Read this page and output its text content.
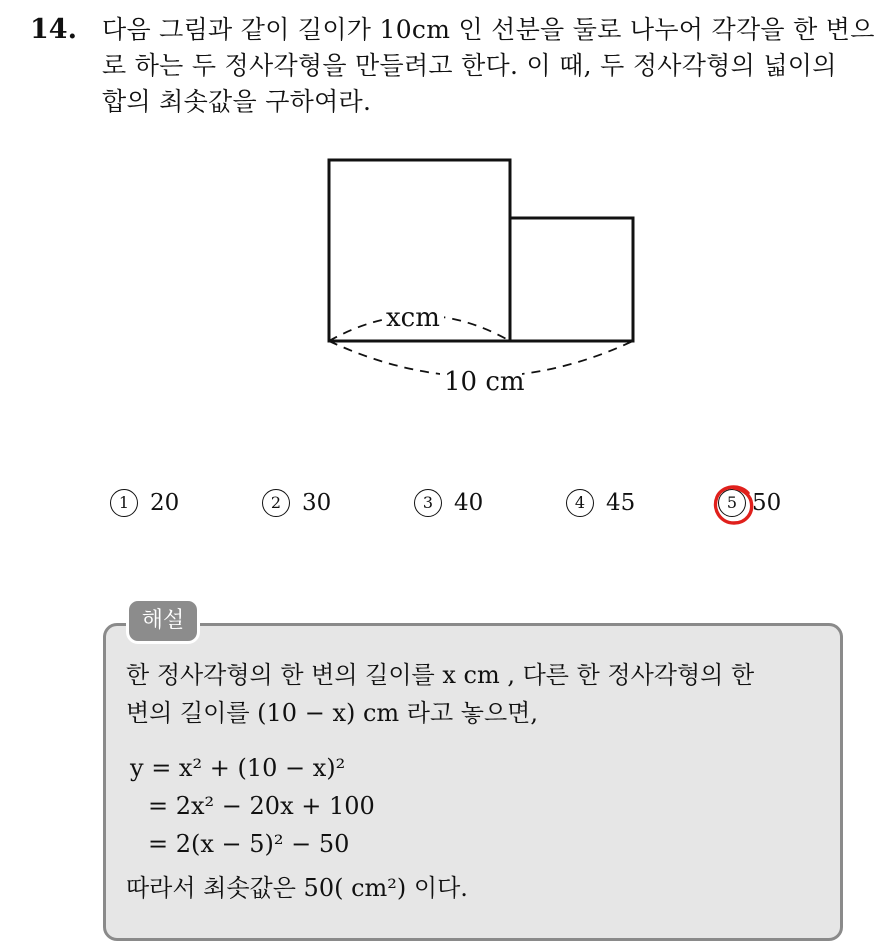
14. 다음 그림과 같이 길이가 10cm 인 선분을 둘로 나누어 각각을 한 변으
로 하는 두 정사각형을 만들려고 한다. 이 때, 두 정사각형의 넓이의
합의 최솟값을 구하여라.
xcm
10 cm
1 20	2 30	3 40	4 45	5 50
해설
한 정사각형의 한 변의 길이를 x cm , 다른 한 정사각형의 한
변의 길이를 (10 − x) cm 라고 놓으면,
y = x² + (10 − x)²
= 2x² − 20x + 100
= 2(x − 5)² − 50
따라서 최솟값은 50( cm²) 이다.
